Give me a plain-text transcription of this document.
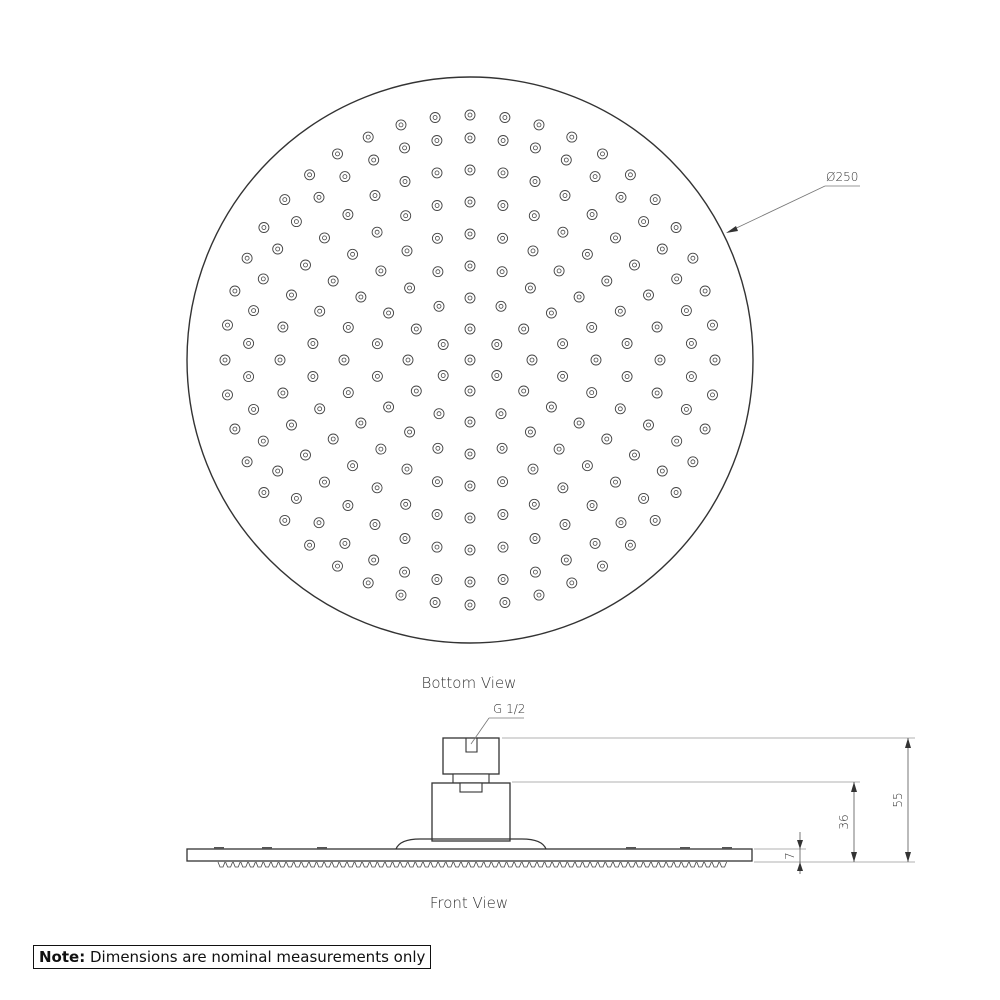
Ø250
Bottom View
G 1/2
55
36
7
Front View
Note: Dimensions are nominal measurements only
